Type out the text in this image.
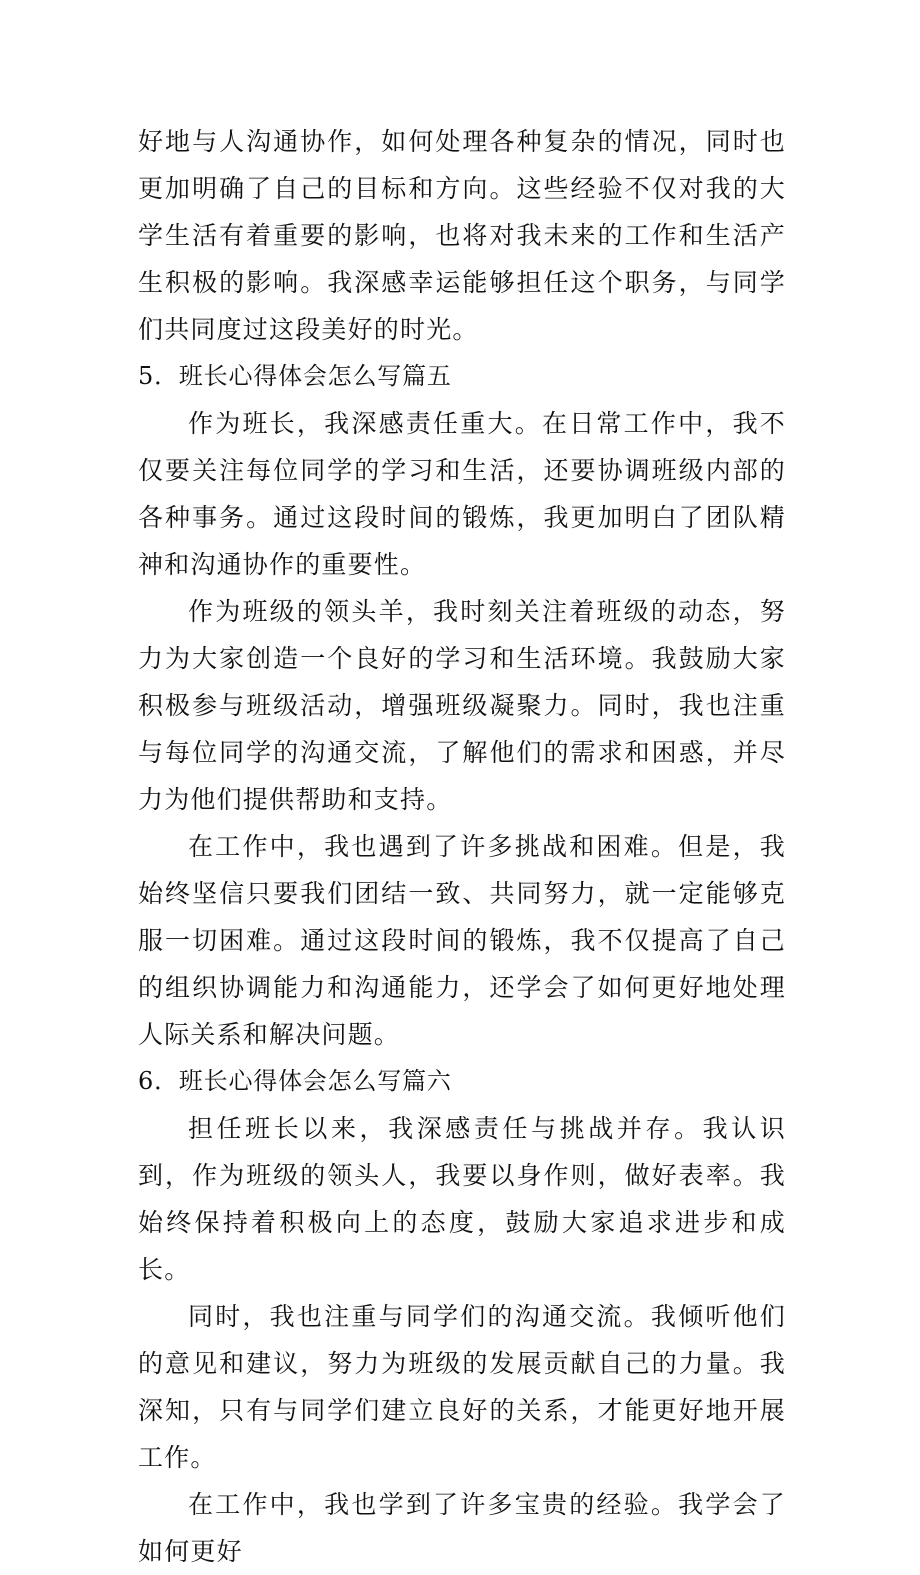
好地与人沟通协作，如何处理各种复杂的情况，同时也更加明确了自己的目标和方向。这些经验不仅对我的大学生活有着重要的影响，也将对我未来的工作和生活产生积极的影响。我深感幸运能够担任这个职务，与同学们共同度过这段美好的时光。

5．班长心得体会怎么写篇五

作为班长，我深感责任重大。在日常工作中，我不仅要关注每位同学的学习和生活，还要协调班级内部的各种事务。通过这段时间的锻炼，我更加明白了团队精神和沟通协作的重要性。

作为班级的领头羊，我时刻关注着班级的动态，努力为大家创造一个良好的学习和生活环境。我鼓励大家积极参与班级活动，增强班级凝聚力。同时，我也注重与每位同学的沟通交流，了解他们的需求和困惑，并尽力为他们提供帮助和支持。

在工作中，我也遇到了许多挑战和困难。但是，我始终坚信只要我们团结一致、共同努力，就一定能够克服一切困难。通过这段时间的锻炼，我不仅提高了自己的组织协调能力和沟通能力，还学会了如何更好地处理人际关系和解决问题。

6．班长心得体会怎么写篇六

担任班长以来，我深感责任与挑战并存。我认识到，作为班级的领头人，我要以身作则，做好表率。我始终保持着积极向上的态度，鼓励大家追求进步和成长。

同时，我也注重与同学们的沟通交流。我倾听他们的意见和建议，努力为班级的发展贡献自己的力量。我深知，只有与同学们建立良好的关系，才能更好地开展工作。

在工作中，我也学到了许多宝贵的经验。我学会了如何更好
